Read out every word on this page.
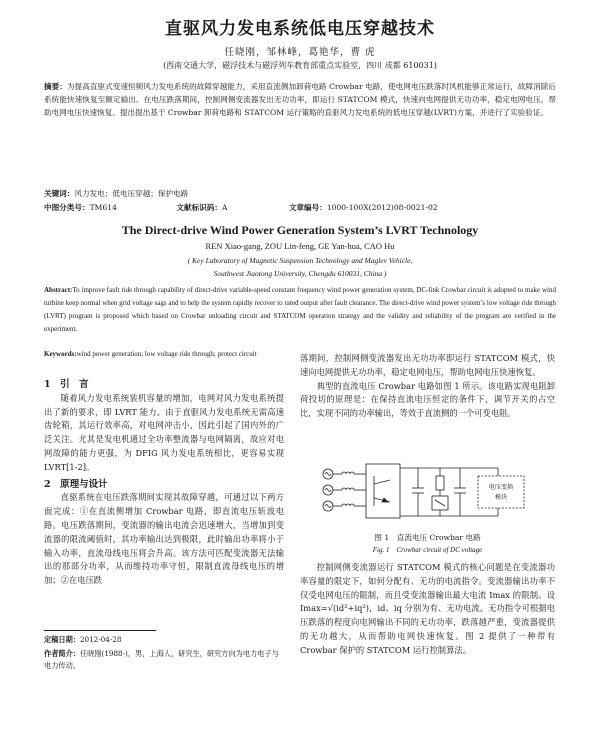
直驱风力发电系统低电压穿越技术
任晓刚，邹林峰，葛艳华，曹 虎
(西南交通大学，磁浮技术与磁浮列车教育部重点实验室，四川 成都 610031)
摘要：为提高直驱式变速恒频风力发电系统的故障穿越能力，采用直流侧加卸荷电路 Crowbar 电路，使电网电压跌落时风机能够正常运行，故障消除后系统能快速恢复至额定输出。在电压跌落期间，控制网侧变流器发出无功功率，即运行 STATCOM 模式，快速向电网提供无功功率，稳定电网电压，帮助电网电压快速恢复。提出提出基于 Crowbar 卸荷电路和 STATCOM 运行策略的直驱风力发电系统的低电压穿越(LVRT)方案，并进行了实验验证。
关键词：风力发电；低电压穿越；保护电路
中图分类号：TM614	文献标识码：A	文章编号：1000-100X(2012)08-0021-02
The Direct-drive Wind Power Generation System’s LVRT Technology
REN Xiao-gang, ZOU Lin-feng, GE Yan-hua, CAO Hu
( Key Laboratory of Magnetic Suspension Technology and Maglev Vehicle,
Southwest Jiaotong University, Chengdu 610031, China )
Abstract:To improve fault ride through capability of direct-drive variable-speed constant frequency wind power generation system, DC-link Crowbar circuit is adopted to make wind turbine keep normal when grid voltage sags and to help the system rapidly recover to rated output after fault clearance. The direct-drive wind power system’s low voltage ride through (LVRT) program is proposed which based on Crowbar unloading circuit and STATCOM operation strategy and the validity and reliability of the program are verified in the experiment.
Keywords:wind power generation; low voltage ride through; protect circuit
1　引　言

随着风力发电系统装机容量的增加，电网对风力发电系统提出了新的要求，即 LVRT 能力。由于直驱风力发电系统无需高速齿轮箱，其运行效率高，对电网冲击小，因此引起了国内外的广泛关注。尤其是发电机通过全功率整流器与电网隔离，故应对电网故障的能力更强，为 DFIG 风力发电系统相比，更容易实现 LVRT[1-2]。

2　原理与设计

直驱系统在电压跌落期间实现其故障穿越，可通过以下两方面完成：①在直流侧增加 Crowbar 电路，即直流电压斩波电路。电压跌落期间，变流器的输出电流会迅速增大，当增加到变流器的限流阈值时，其功率输出达到极限，此时输出功率将小于输入功率，直流母线电压将会升高。该方法可匹配变流器无法输出的那部分功率，从而维持功率守恒，限制直流母线电压的增加；②在电压跌

定稿日期：2012-04-28
作者简介：任晓刚(1988-)，男，上海人，研究生，研究方向为电力电子与电力传动。

落期间，控制网侧变流器发出无功功率即运行 STATCOM 模式，快速向电网提供无功功率，稳定电网电压，帮助电网电压快速恢复。

典型的直流电压 Crowbar 电路如图 1 所示。该电路实现电阻卸荷投切的原理是：在保持直流电压恒定的条件下，调节开关的占空比，实现不同的功率输出，等效于直流侧的一个可变电阻。

电压变换
模块
图 1　直流电压 Crowbar 电路
Fig. 1　Crowbar circuit of DC voltage

控制网侧变流器运行 STATCOM 模式的核心问题是在变流器功率容量的限定下，如何分配有、无功的电流指令。变流器输出功率不仅受电网电压的限制，而且受变流器输出最大电流 Imax 的限制。设 Imax=√(id²+iq²)，id、iq 分别为有、无功电流。无功指令可根据电压跌落的程度向电网输出不同的无功功率，跌落越严重，变流器提供的无功越大，从而帮助电网快速恢复。图 2 提供了一种带有 Crowbar 保护的 STATCOM 运行控制算法。
